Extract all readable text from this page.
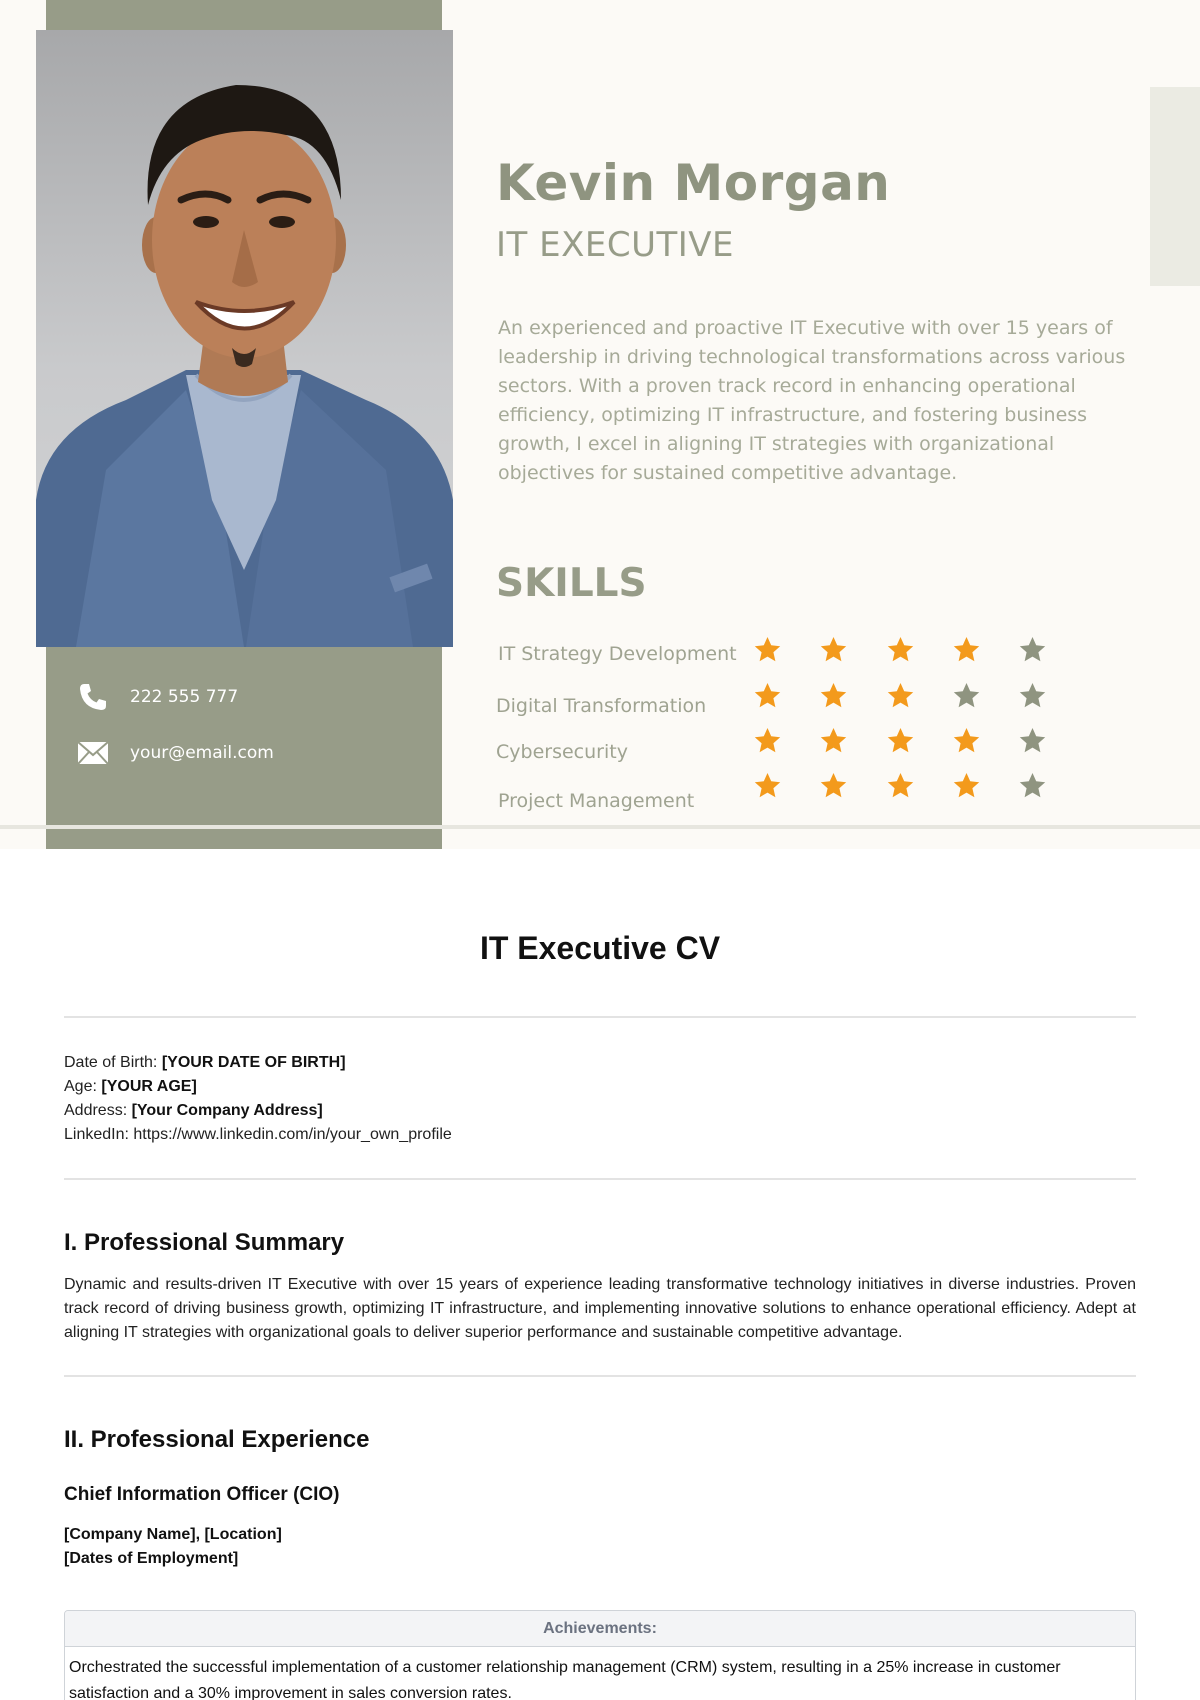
222 555 777
your@email.com
Kevin Morgan
IT EXECUTIVE
An experienced and proactive IT Executive with over 15 years of leadership in driving technological transformations across various sectors. With a proven track record in enhancing operational efficiency, optimizing IT infrastructure, and fostering business growth, I excel in aligning IT strategies with organizational objectives for sustained competitive advantage.
SKILLS
IT Strategy Development
Digital Transformation
Cybersecurity
Project Management
IT Executive CV
Date of Birth: [YOUR DATE OF BIRTH]
Age: [YOUR AGE]
Address: [Your Company Address]
LinkedIn: https://www.linkedin.com/in/your_own_profile
I. Professional Summary
Dynamic and results-driven IT Executive with over 15 years of experience leading transformative technology initiatives in diverse industries. Proven track record of driving business growth, optimizing IT infrastructure, and implementing innovative solutions to enhance operational efficiency. Adept at aligning IT strategies with organizational goals to deliver superior performance and sustainable competitive advantage.
II. Professional Experience
Chief Information Officer (CIO)
[Company Name], [Location]
[Dates of Employment]
Achievements:
Orchestrated the successful implementation of a customer relationship management (CRM) system, resulting in a 25% increase in customer satisfaction and a 30% improvement in sales conversion rates.
